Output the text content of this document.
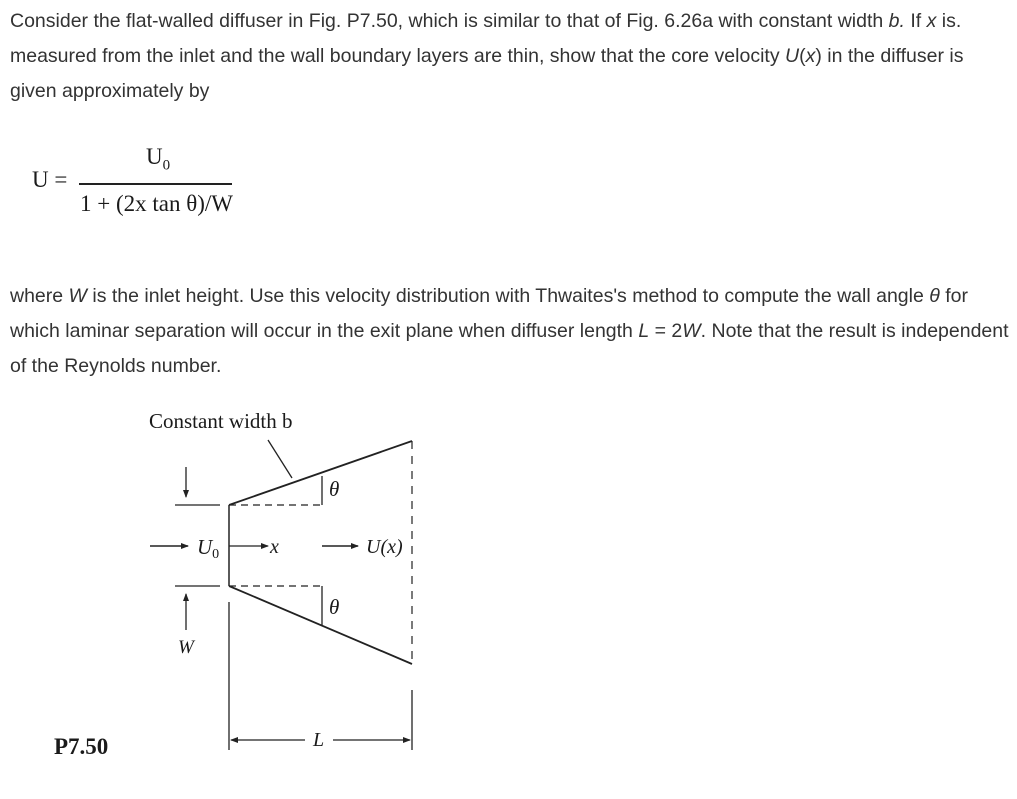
Consider the flat-walled diffuser in Fig. P7.50, which is similar to that of Fig. 6.26a with constant width b. If x is. measured from the inlet and the wall boundary layers are thin, show that the core velocity U(x) in the diffuser is given approximately by

U =
$U_0$
1 + (2x tan θ)/W

where W is the inlet height. Use this velocity distribution with Thwaites's method to compute the wall angle θ for which laminar separation will occur in the exit plane when diffuser length L = 2W. Note that the result is independent of the Reynolds number.

Constant width b
θ
θ
W
U0	x	U(x)
L
P7.50
